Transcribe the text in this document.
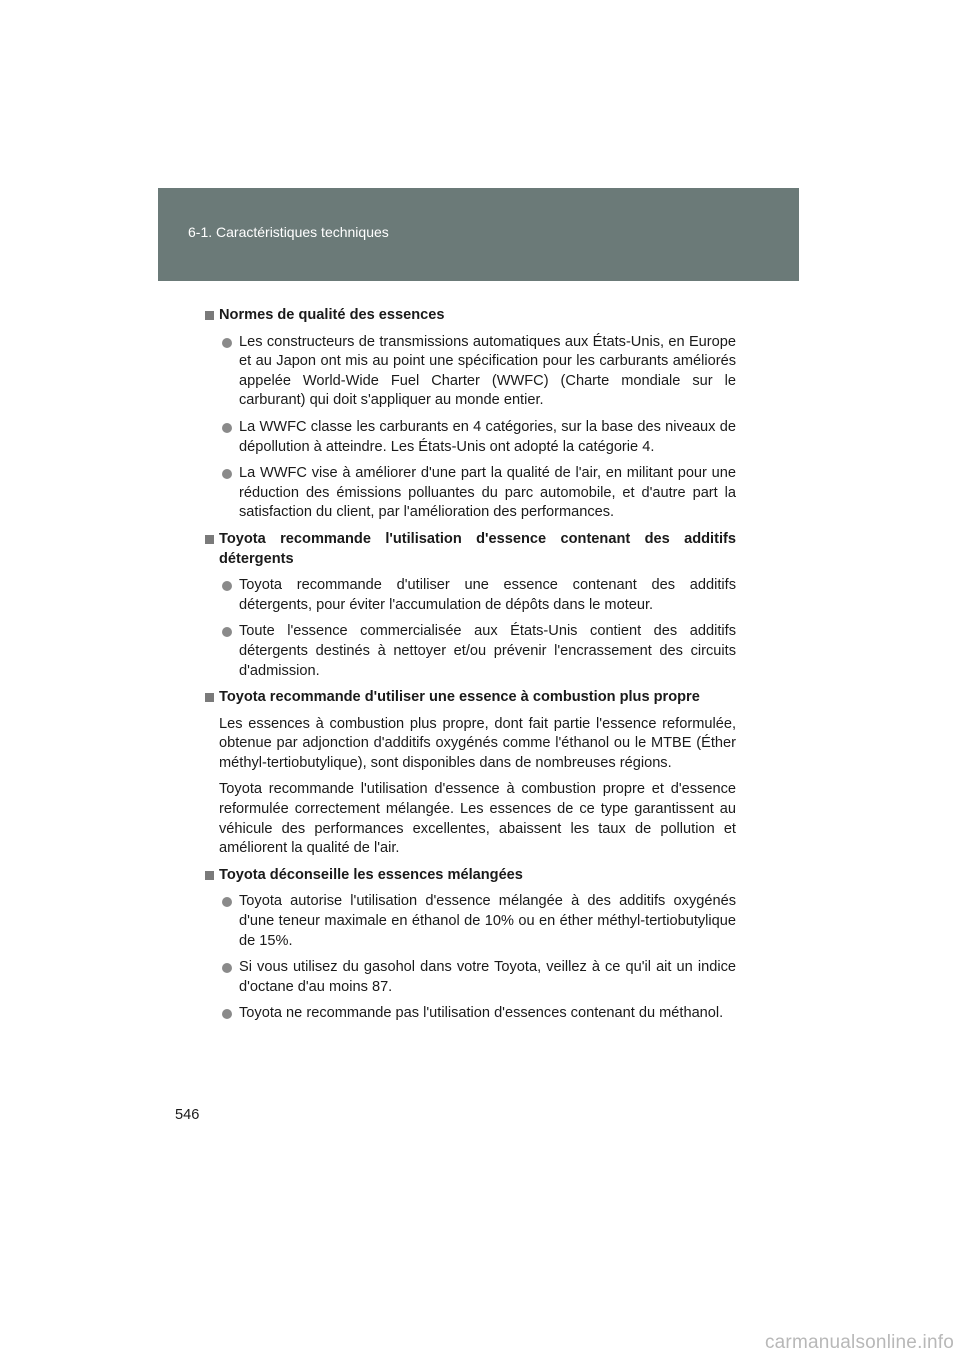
6-1. Caractéristiques techniques
Normes de qualité des essences
Les constructeurs de transmissions automatiques aux États-Unis, en Europe et au Japon ont mis au point une spécification pour les carburants améliorés appelée World-Wide Fuel Charter (WWFC) (Charte mondiale sur le carburant) qui doit s'appliquer au monde entier.
La WWFC classe les carburants en 4 catégories, sur la base des niveaux de dépollution à atteindre. Les États-Unis ont adopté la catégorie 4.
La WWFC vise à améliorer d'une part la qualité de l'air, en militant pour une réduction des émissions polluantes du parc automobile, et d'autre part la satisfaction du client, par l'amélioration des performances.
Toyota recommande l'utilisation d'essence contenant des additifs détergents
Toyota recommande d'utiliser une essence contenant des additifs détergents, pour éviter l'accumulation de dépôts dans le moteur.
Toute l'essence commercialisée aux États-Unis contient des additifs détergents destinés à nettoyer et/ou prévenir l'encrassement des circuits d'admission.
Toyota recommande d'utiliser une essence à combustion plus propre
Les essences à combustion plus propre, dont fait partie l'essence reformulée, obtenue par adjonction d'additifs oxygénés comme l'éthanol ou le MTBE (Éther méthyl-tertiobutylique), sont disponibles dans de nombreuses régions.
Toyota recommande l'utilisation d'essence à combustion propre et d'essence reformulée correctement mélangée. Les essences de ce type garantissent au véhicule des performances excellentes, abaissent les taux de pollution et améliorent la qualité de l'air.
Toyota déconseille les essences mélangées
Toyota autorise l'utilisation d'essence mélangée à des additifs oxygénés d'une teneur maximale en éthanol de 10% ou en éther méthyl-tertiobutylique de 15%.
Si vous utilisez du gasohol dans votre Toyota, veillez à ce qu'il ait un indice d'octane d'au moins 87.
Toyota ne recommande pas l'utilisation d'essences contenant du méthanol.
546
carmanualsonline.info
